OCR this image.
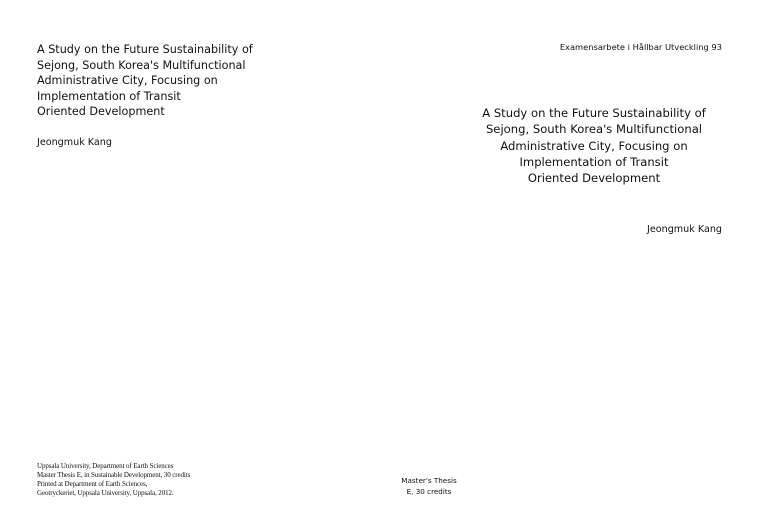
A Study on the Future Sustainability of
Sejong, South Korea's Multifunctional
Administrative City, Focusing on
Implementation of Transit
Oriented Development
Jeongmuk Kang
Uppsala University, Department of Earth Sciences
Master Thesis E, in Sustainable Development, 30 credits
Printed at Department of Earth Sciences,
Geotryckeriet, Uppsala University, Uppsala, 2012.
Master's Thesis
E, 30 credits
Examensarbete i Hållbar Utveckling 93
A Study on the Future Sustainability of
Sejong, South Korea's Multifunctional
Administrative City, Focusing on
Implementation of Transit
Oriented Development
Jeongmuk Kang
